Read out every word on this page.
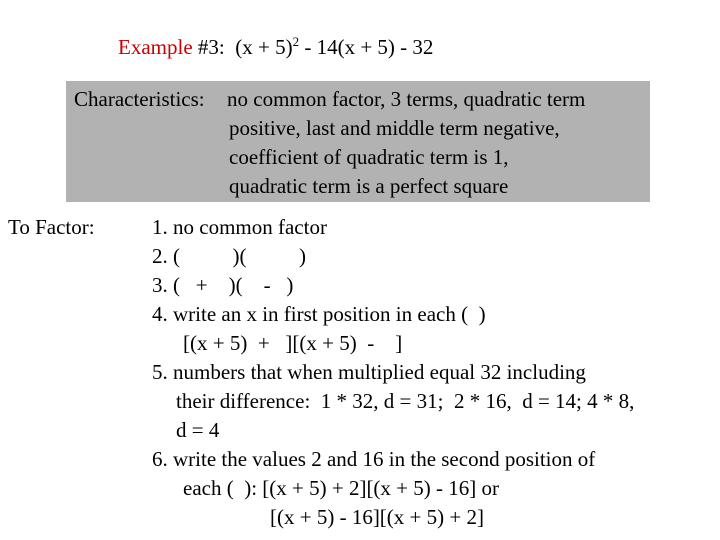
Example #3:  $(x + 5)^2 - 14(x + 5) - 32$
Characteristics: no common factor, 3 terms, quadratic term
positive, last and middle term negative,
coefficient of quadratic term is 1,
quadratic term is a perfect square
To Factor:	1. no common factor
2. (          )(          )
3. (   +    )(    -   )
4. write an x in first position in each (  )
[(x + 5)  +   ][(x + 5)  -    ]
5. numbers that when multiplied equal 32 including
their difference:  1 * 32, d = 31;  2 * 16,  d = 14; 4 * 8,
d = 4
6. write the values 2 and 16 in the second position of
each (  ): [(x + 5) + 2][(x + 5) - 16] or
[(x + 5) - 16][(x + 5) + 2]
